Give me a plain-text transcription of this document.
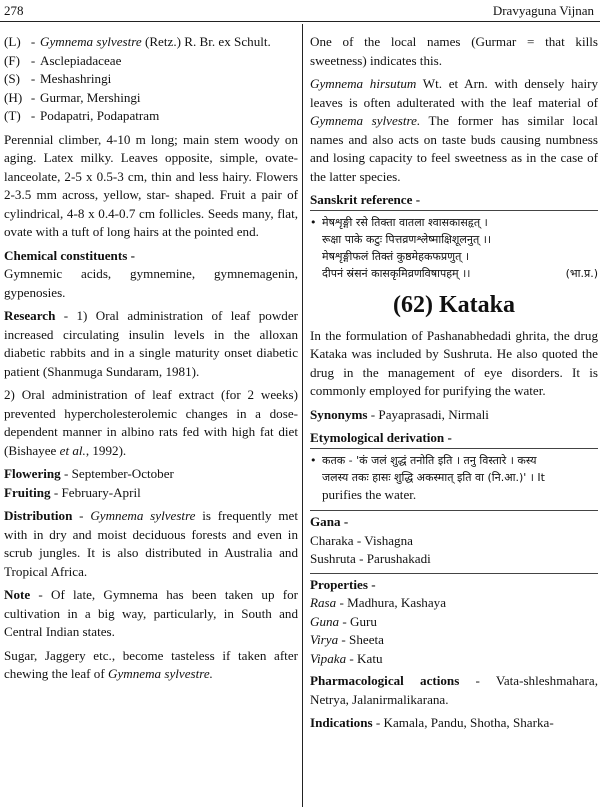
278	Dravyaguna Vijnan
(L) - Gymnema sylvestre (Retz.) R. Br. ex Schult.
(F) - Asclepiadaceae
(S) - Meshashringi
(H) - Gurmar, Mershingi
(T) - Podapatri, Podapatram

Perennial climber, 4-10 m long; main stem woody on aging. Latex milky. Leaves opposite, simple, ovate-lanceolate, 2-5 x 0.5-3 cm, thin and less hairy. Flowers 2-3.5 mm across, yellow, star- shaped. Fruit a pair of cylindrical, 4-8 x 0.4-0.7 cm follicles. Seeds many, flat, ovate with a tuft of long hairs at the pointed end.

Chemical constituents -

Gymnemic acids, gymnemine, gymnemagenin, gypenosies.

Research - 1) Oral administration of leaf powder increased circulating insulin levels in the alloxan diabetic rabbits and in a single maturity onset diabetic patient (Shanmuga Sundaram, 1981).

2) Oral administration of leaf extract (for 2 weeks) prevented hypercholesterolemic changes in a dose-dependent manner in albino rats fed with high fat diet (Bishayee et al., 1992).

Flowering - September-October

Fruiting - February-April

Distribution - Gymnema sylvestre is frequently met with in dry and moist deciduous forests and even in scrub jungles. It is also distributed in Australia and Tropical Africa.

Note - Of late, Gymnema has been taken up for cultivation in a big way, particularly, in South and Central Indian states.

Sugar, Jaggery etc., become tasteless if taken after chewing the leaf of Gymnema sylvestre.

One of the local names (Gurmar = that kills sweetness) indicates this.

Gymnema hirsutum Wt. et Arn. with densely hairy leaves is often adulterated with the leaf material of Gymnema sylvestre. The former has similar local names and also acts on taste buds causing numbness and losing capacity to feel sweetness as in the case of the latter species.

Sanskrit reference -

• मेषशृङ्गी रसे तिक्ता वातला श्वासकासहृत् ।
रूक्षा पाके कटुः पित्तव्रणश्लेष्माक्षिशूलनुत् ।।
मेषशृङ्गीफलं तिक्तं कुष्ठमेहकफप्रणुत् ।
दीपनं स्रंसनं कासकृमिव्रणविषापहम् ।।	(भा.प्र.)
(62) Kataka

In the formulation of Pashanabhedadi ghrita, the drug Kataka was included by Sushruta. He also quoted the drug in the management of eye disorders. It is commonly employed for purifying the water.

Synonyms - Payaprasadi, Nirmali

Etymological derivation -

• कतक - 'कं जलं शुद्धं तनोति इति । तनु विस्तारे । कस्य
जलस्य तकः हासः शुद्धि अकस्मात् इति वा (नि.आ.)' । It
purifies the water.
Gana -
Charaka - Vishagna
Sushruta - Parushakadi
Properties -
Rasa - Madhura, Kashaya
Guna - Guru
Virya - Sheeta
Vipaka - Katu

Pharmacological actions - Vata-shleshmahara, Netrya, Jalanirmalikarana.

Indications - Kamala, Pandu, Shotha, Sharka-
